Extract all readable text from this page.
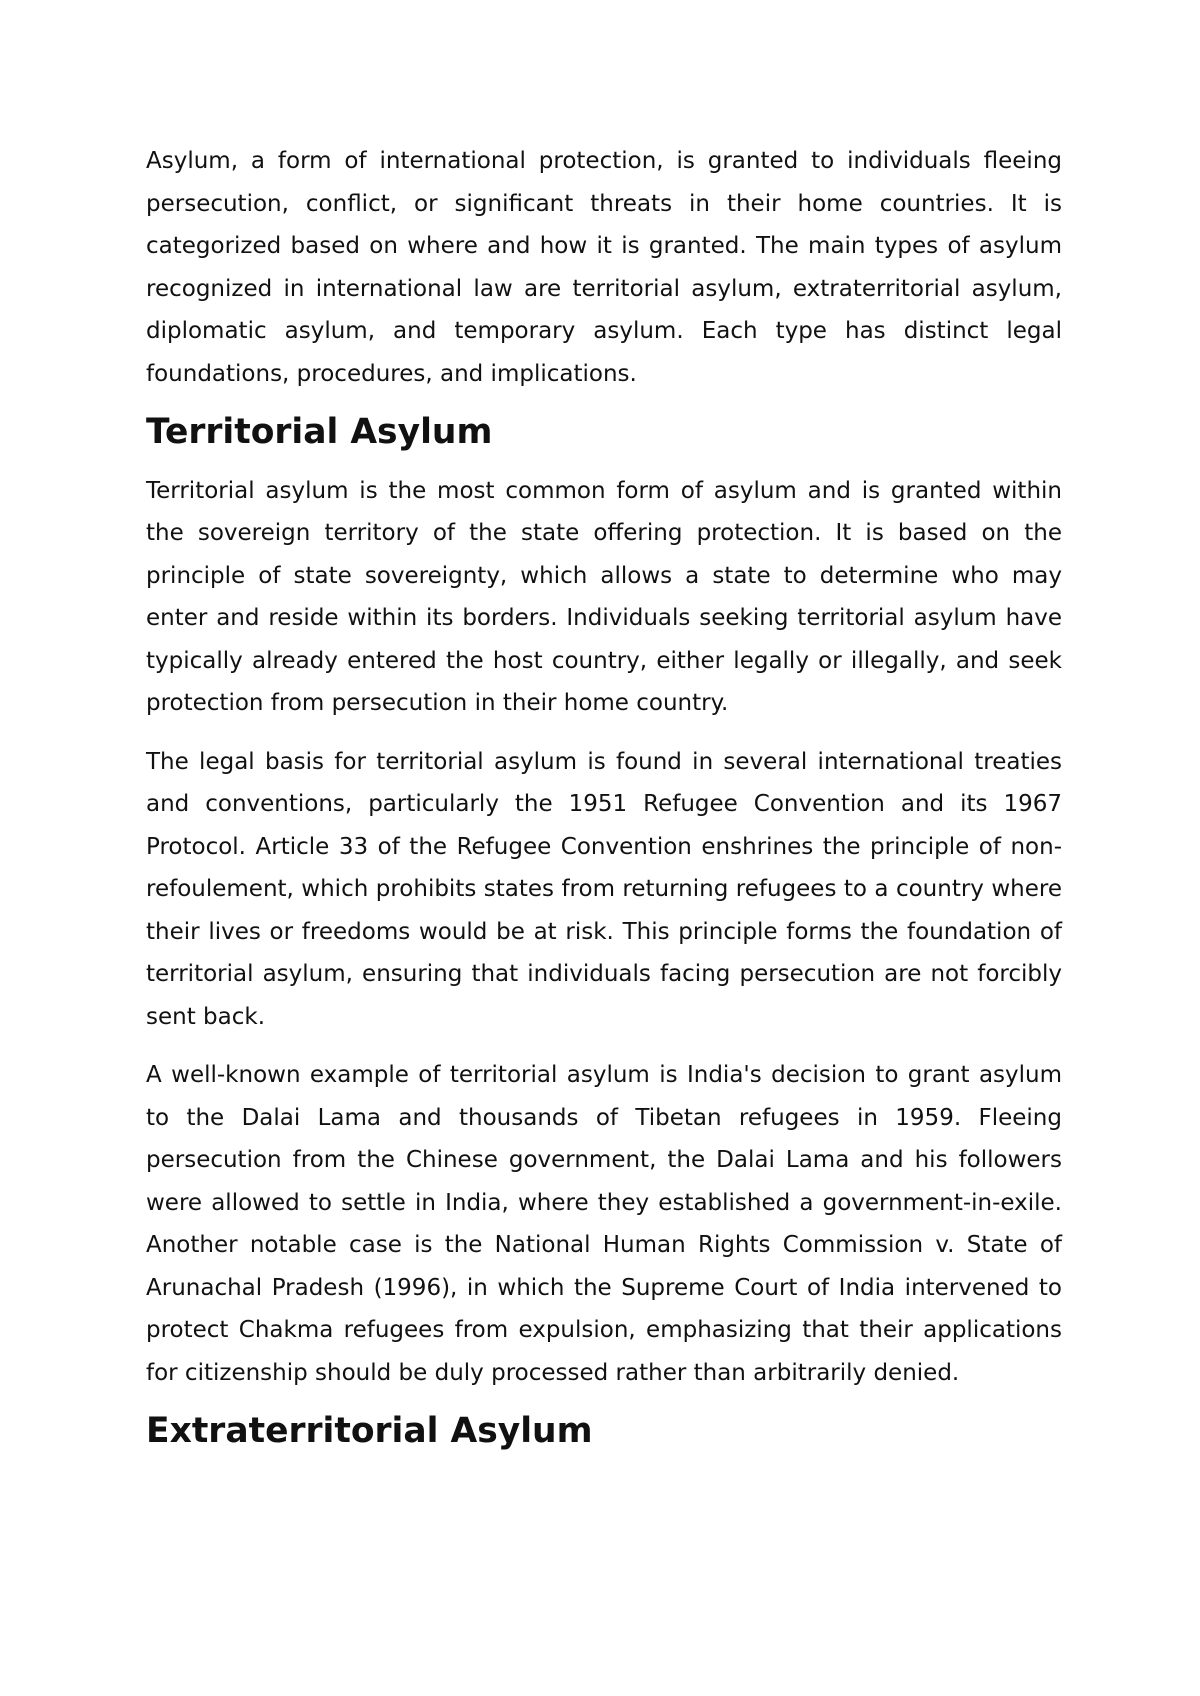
Asylum, a form of international protection, is granted to individuals fleeing persecution, conflict, or significant threats in their home countries. It is categorized based on where and how it is granted. The main types of asylum recognized in international law are territorial asylum, extraterritorial asylum, diplomatic asylum, and temporary asylum. Each type has distinct legal foundations, procedures, and implications.

Territorial Asylum

Territorial asylum is the most common form of asylum and is granted within the sovereign territory of the state offering protection. It is based on the principle of state sovereignty, which allows a state to determine who may enter and reside within its borders. Individuals seeking territorial asylum have typically already entered the host country, either legally or illegally, and seek protection from persecution in their home country.

The legal basis for territorial asylum is found in several international treaties and conventions, particularly the 1951 Refugee Convention and its 1967 Protocol. Article 33 of the Refugee Convention enshrines the principle of non-refoulement, which prohibits states from returning refugees to a country where their lives or freedoms would be at risk. This principle forms the foundation of territorial asylum, ensuring that individuals facing persecution are not forcibly sent back.

A well-known example of territorial asylum is India's decision to grant asylum to the Dalai Lama and thousands of Tibetan refugees in 1959. Fleeing persecution from the Chinese government, the Dalai Lama and his followers were allowed to settle in India, where they established a government-in-exile. Another notable case is the National Human Rights Commission v. State of Arunachal Pradesh (1996), in which the Supreme Court of India intervened to protect Chakma refugees from expulsion, emphasizing that their applications for citizenship should be duly processed rather than arbitrarily denied.

Extraterritorial Asylum
